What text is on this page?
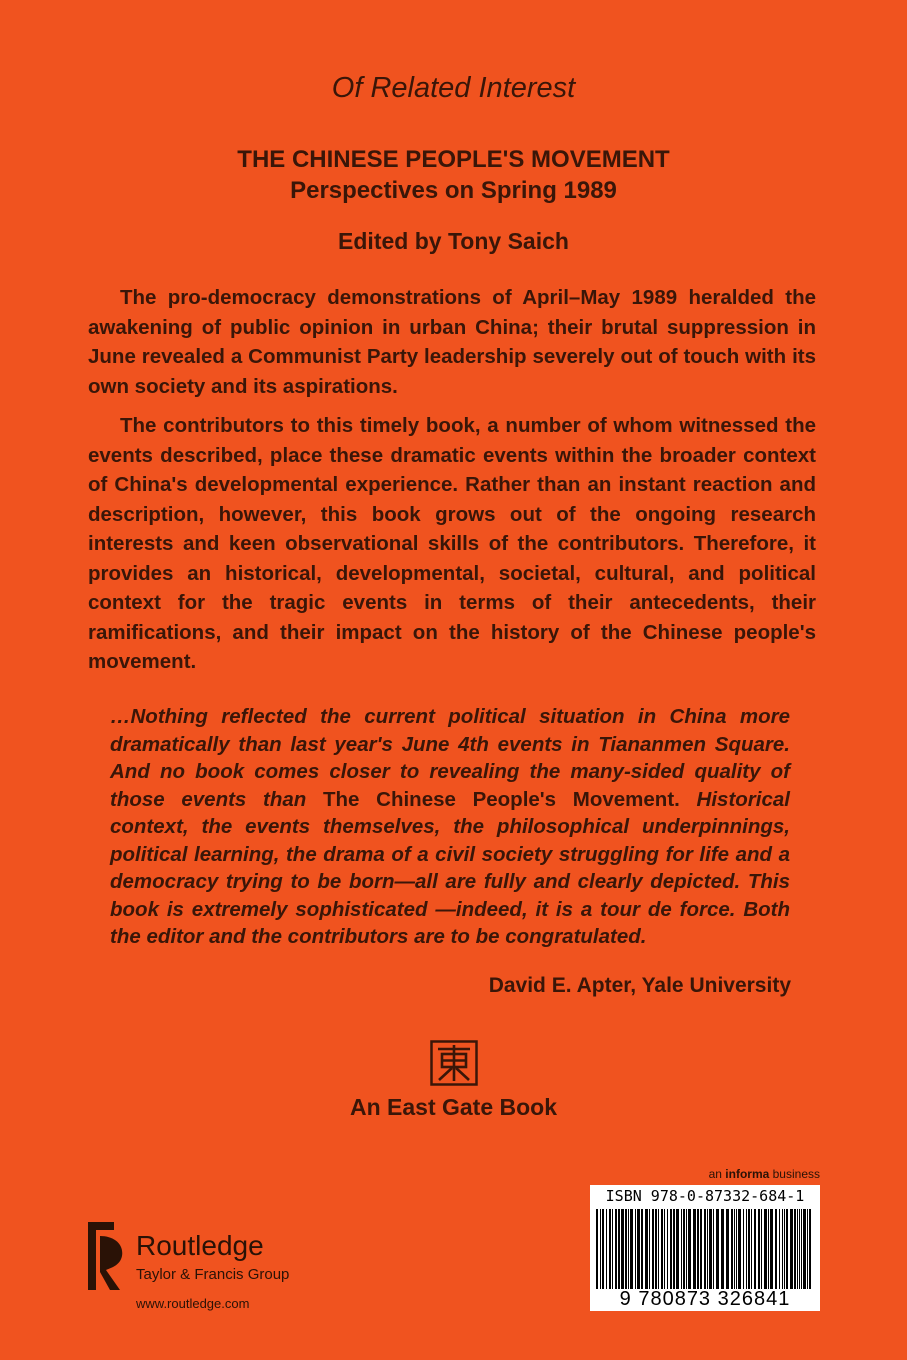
Of Related Interest
THE CHINESE PEOPLE'S MOVEMENT
Perspectives on Spring 1989
Edited by Tony Saich

The pro-democracy demonstrations of April–May 1989 heralded the awakening of public opinion in urban China; their brutal suppression in June revealed a Communist Party leadership severely out of touch with its own society and its aspirations.

The contributors to this timely book, a number of whom witnessed the events described, place these dramatic events within the broader context of China's developmental experience. Rather than an instant reaction and description, however, this book grows out of the ongoing research interests and keen observational skills of the contributors. Therefore, it provides an historical, developmental, societal, cultural, and political context for the tragic events in terms of their antecedents, their ramifications, and their impact on the history of the Chinese people's movement.

…Nothing reflected the current political situation in China more dramatically than last year's June 4th events in Tiananmen Square. And no book comes closer to revealing the many-sided quality of those events than The Chinese People's Movement. Historical context, the events themselves, the philosophical underpinnings, political learning, the drama of a civil society struggling for life and a democracy trying to be born—all are fully and clearly depicted. This book is extremely sophisticated —indeed, it is a tour de force. Both the editor and the contributors are to be congratulated.

David E. Apter, Yale University
An East Gate Book
an informa business
ISBN 978-0-87332-684-1
9 780873 326841
Routledge
Taylor & Francis Group
www.routledge.com
